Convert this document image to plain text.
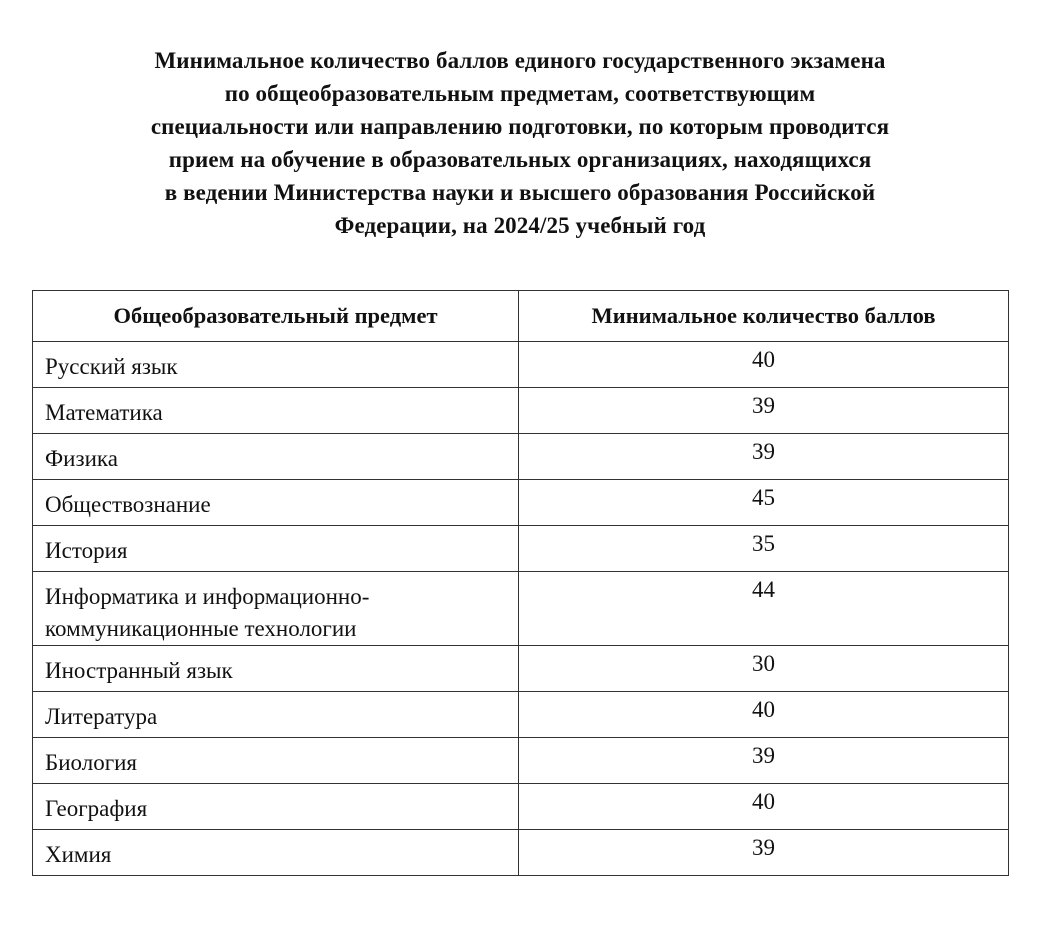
Минимальное количество баллов единого государственного экзамена
по общеобразовательным предметам, соответствующим
специальности или направлению подготовки, по которым проводится
прием на обучение в образовательных организациях, находящихся
в ведении Министерства науки и высшего образования Российской
Федерации, на 2024/25 учебный год
Общеобразовательный предмет	Минимальное количество баллов

Русский язык	40

Математика	39

Физика	39

Обществознание	45

История	35

Информатика и информационно-
коммуникационные технологии	44

Иностранный язык	30

Литература	40

Биология	39

География	40

Химия	39
